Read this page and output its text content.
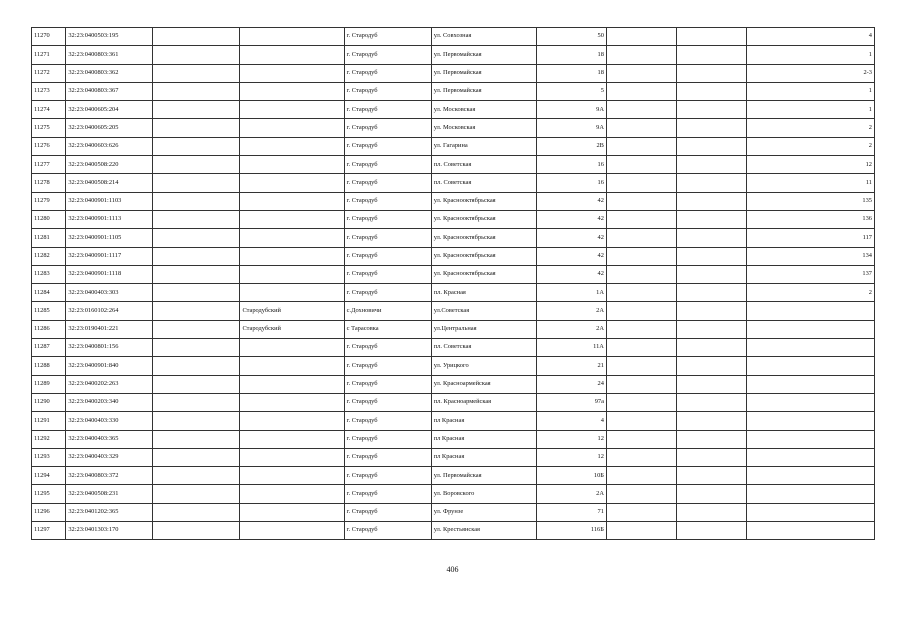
11270	32:23:0400503:195			г. Стародуб	ул. Совхозная	50			4
11271	32:23:0400803:361			г. Стародуб	ул. Первомайская	18			1
11272	32:23:0400803:362			г. Стародуб	ул. Первомайская	18			2-3
11273	32:23:0400803:367			г. Стародуб	ул. Первомайская	5			1
11274	32:23:0400605:204			г. Стародуб	ул. Московская	9А			1
11275	32:23:0400605:205			г. Стародуб	ул. Московская	9А			2
11276	32:23:0400603:626			г. Стародуб	ул. Гагарина	2В			2
11277	32:23:0400508:220			г. Стародуб	пл. Советская	16			12
11278	32:23:0400508:214			г. Стародуб	пл. Советская	16			11
11279	32:23:0400901:1103			г. Стародуб	ул. Краснооктябрьская	42			135
11280	32:23:0400901:1113			г. Стародуб	ул. Краснооктябрьская	42			136
11281	32:23:0400901:1105			г. Стародуб	ул. Краснооктябрьская	42			117
11282	32:23:0400901:1117			г. Стародуб	ул. Краснооктябрьская	42			134
11283	32:23:0400901:1118			г. Стародуб	ул. Краснооктябрьская	42			137
11284	32:23:0400403:303			г. Стародуб	пл. Красная	1А			2
11285	32:23:0160102:264		Стародубский	с.Дохновичи	ул.Советская	2А			
11286	32:23:0190401:221		Стародубский	с Тарасовка	ул.Центральная	2А			
11287	32:23:0400801:156			г. Стародуб	пл. Советская	11А			
11288	32:23:0400901:840			г. Стародуб	ул. Урицкого	21			
11289	32:23:0400202:263			г. Стародуб	ул. Красноармейская	24			
11290	32:23:0400203:340			г. Стародуб	пл. Красноармейская	97а			
11291	32:23:0400403:330			г. Стародуб	пл Красная	4			
11292	32:23:0400403:365			г. Стародуб	пл Красная	12			
11293	32:23:0400403:329			г. Стародуб	пл Красная	12			
11294	32:23:0400803:372			г. Стародуб	ул. Первомайская	10Б			
11295	32:23:0400508:231			г. Стародуб	ул. Воровского	2А			
11296	32:23:0401202:365			г. Стародуб	ул. Фрунзе	71			
11297	32:23:0401303:170			г. Стародуб	ул. Крестьянская	116Б			
406
